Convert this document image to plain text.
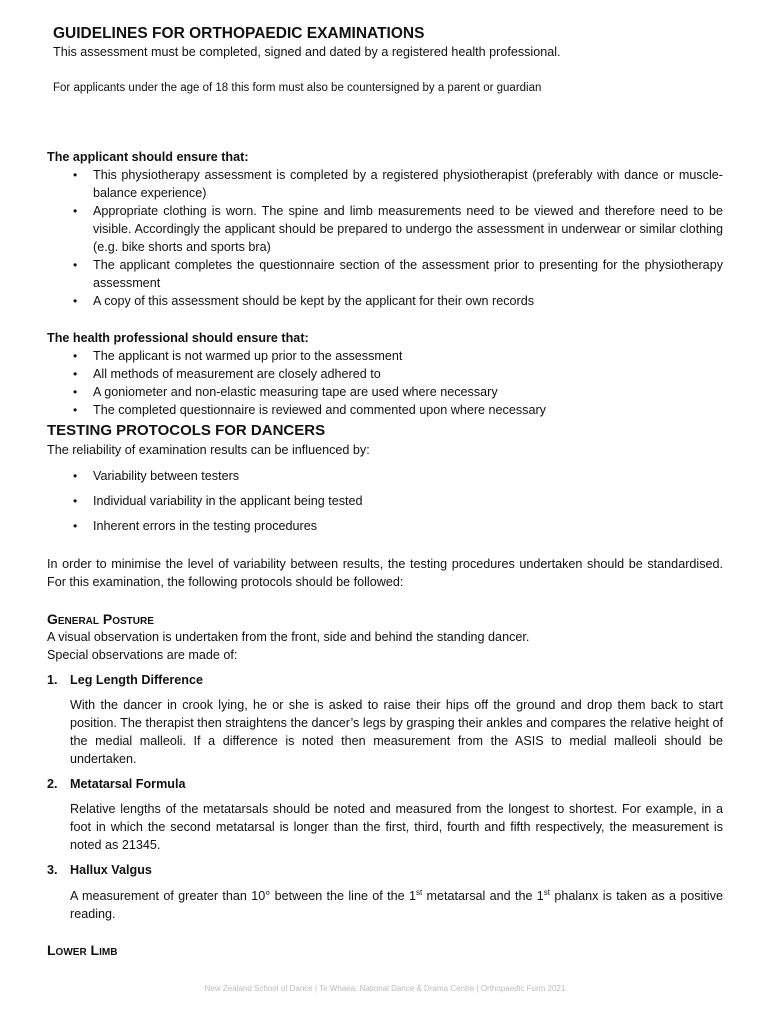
GUIDELINES FOR ORTHOPAEDIC EXAMINATIONS
This assessment must be completed, signed and dated by a registered health professional.
For applicants under the age of 18 this form must also be countersigned by a parent or guardian
The applicant should ensure that:
• This physiotherapy assessment is completed by a registered physiotherapist (preferably with dance or muscle-balance experience)
• Appropriate clothing is worn. The spine and limb measurements need to be viewed and therefore need to be visible. Accordingly the applicant should be prepared to undergo the assessment in underwear or similar clothing (e.g. bike shorts and sports bra)
• The applicant completes the questionnaire section of the assessment prior to presenting for the physiotherapy assessment
• A copy of this assessment should be kept by the applicant for their own records
The health professional should ensure that:
• The applicant is not warmed up prior to the assessment
• All methods of measurement are closely adhered to
• A goniometer and non-elastic measuring tape are used where necessary
• The completed questionnaire is reviewed and commented upon where necessary
TESTING PROTOCOLS FOR DANCERS

The reliability of examination results can be influenced by:

• Variability between testers
• Individual variability in the applicant being tested
• Inherent errors in the testing procedures

In order to minimise the level of variability between results, the testing procedures undertaken should be standardised. For this examination, the following protocols should be followed:

General Posture

A visual observation is undertaken from the front, side and behind the standing dancer.

Special observations are made of:

1. Leg Length Difference

With the dancer in crook lying, he or she is asked to raise their hips off the ground and drop them back to start position. The therapist then straightens the dancer’s legs by grasping their ankles and compares the relative height of the medial malleoli. If a difference is noted then measurement from the ASIS to medial malleoli should be undertaken.

2. Metatarsal Formula

Relative lengths of the metatarsals should be noted and measured from the longest to shortest. For example, in a foot in which the second metatarsal is longer than the first, third, fourth and fifth respectively, the measurement is noted as 21345.

3. Hallux Valgus

A measurement of greater than 10° between the line of the 1st metatarsal and the 1st phalanx is taken as a positive reading.

Lower Limb
New Zealand School of Dance | Te Whaea: National Dance & Drama Centre | Orthopaedic Form 2021
